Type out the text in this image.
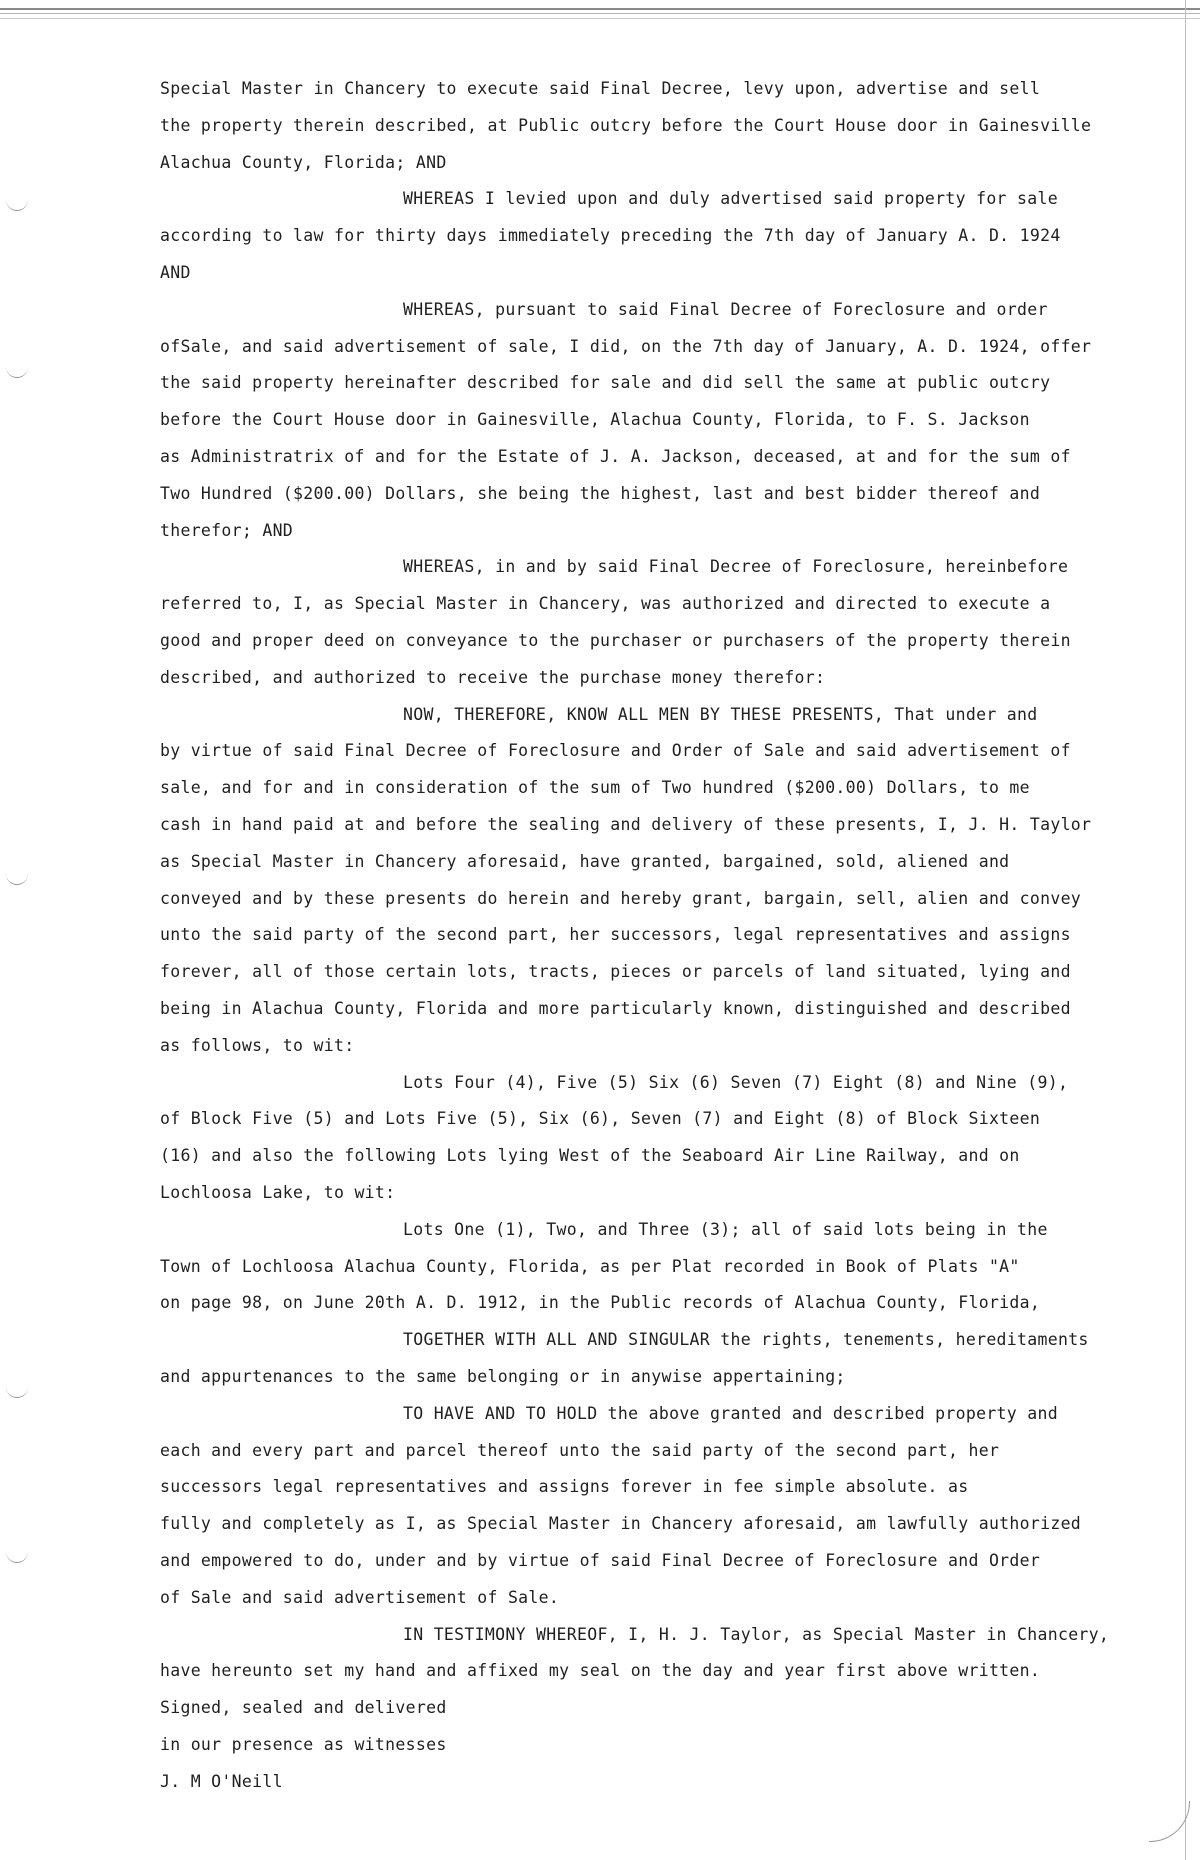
Special Master in Chancery to execute said Final Decree, levy upon, advertise and sell
the property therein described, at Public outcry before the Court House door in Gainesville
Alachua County, Florida; AND
WHEREAS I levied upon and duly advertised said property for sale
according to law for thirty days immediately preceding the 7th day of January A. D. 1924
AND
WHEREAS, pursuant to said Final Decree of Foreclosure and order
ofSale, and said advertisement of sale, I did, on the 7th day of January, A. D. 1924, offer
the said property hereinafter described for sale and did sell the same at public outcry
before the Court House door in Gainesville, Alachua County, Florida, to F. S. Jackson
as Administratrix of and for the Estate of J. A. Jackson, deceased, at and for the sum of
Two Hundred ($200.00) Dollars, she being the highest, last and best bidder thereof and
therefor; AND
WHEREAS, in and by said Final Decree of Foreclosure, hereinbefore
referred to, I, as Special Master in Chancery, was authorized and directed to execute a
good and proper deed on conveyance to the purchaser or purchasers of the property therein
described, and authorized to receive the purchase money therefor:
NOW, THEREFORE, KNOW ALL MEN BY THESE PRESENTS, That under and
by virtue of said Final Decree of Foreclosure and Order of Sale and said advertisement of
sale, and for and in consideration of the sum of Two hundred ($200.00) Dollars, to me
cash in hand paid at and before the sealing and delivery of these presents, I, J. H. Taylor
as Special Master in Chancery aforesaid, have granted, bargained, sold, aliened and
conveyed and by these presents do herein and hereby grant, bargain, sell, alien and convey
unto the said party of the second part, her successors, legal representatives and assigns
forever, all of those certain lots, tracts, pieces or parcels of land situated, lying and
being in Alachua County, Florida and more particularly known, distinguished and described
as follows, to wit:
Lots Four (4), Five (5) Six (6) Seven (7) Eight (8) and Nine (9),
of Block Five (5) and Lots Five (5), Six (6), Seven (7) and Eight (8) of Block Sixteen
(16) and also the following Lots lying West of the Seaboard Air Line Railway, and on
Lochloosa Lake, to wit:
Lots One (1), Two, and Three (3); all of said lots being in the
Town of Lochloosa Alachua County, Florida, as per Plat recorded in Book of Plats "A"
on page 98, on June 20th A. D. 1912, in the Public records of Alachua County, Florida,
TOGETHER WITH ALL AND SINGULAR the rights, tenements, hereditaments
and appurtenances to the same belonging or in anywise appertaining;
TO HAVE AND TO HOLD the above granted and described property and
each and every part and parcel thereof unto the said party of the second part, her
successors legal representatives and assigns forever in fee simple absolute. as
fully and completely as I, as Special Master in Chancery aforesaid, am lawfully authorized
and empowered to do, under and by virtue of said Final Decree of Foreclosure and Order
of Sale and said advertisement of Sale.
IN TESTIMONY WHEREOF, I, H. J. Taylor, as Special Master in Chancery,
have hereunto set my hand and affixed my seal on the day and year first above written.
Signed, sealed and delivered
in our presence as witnesses
J. M O'Neill
